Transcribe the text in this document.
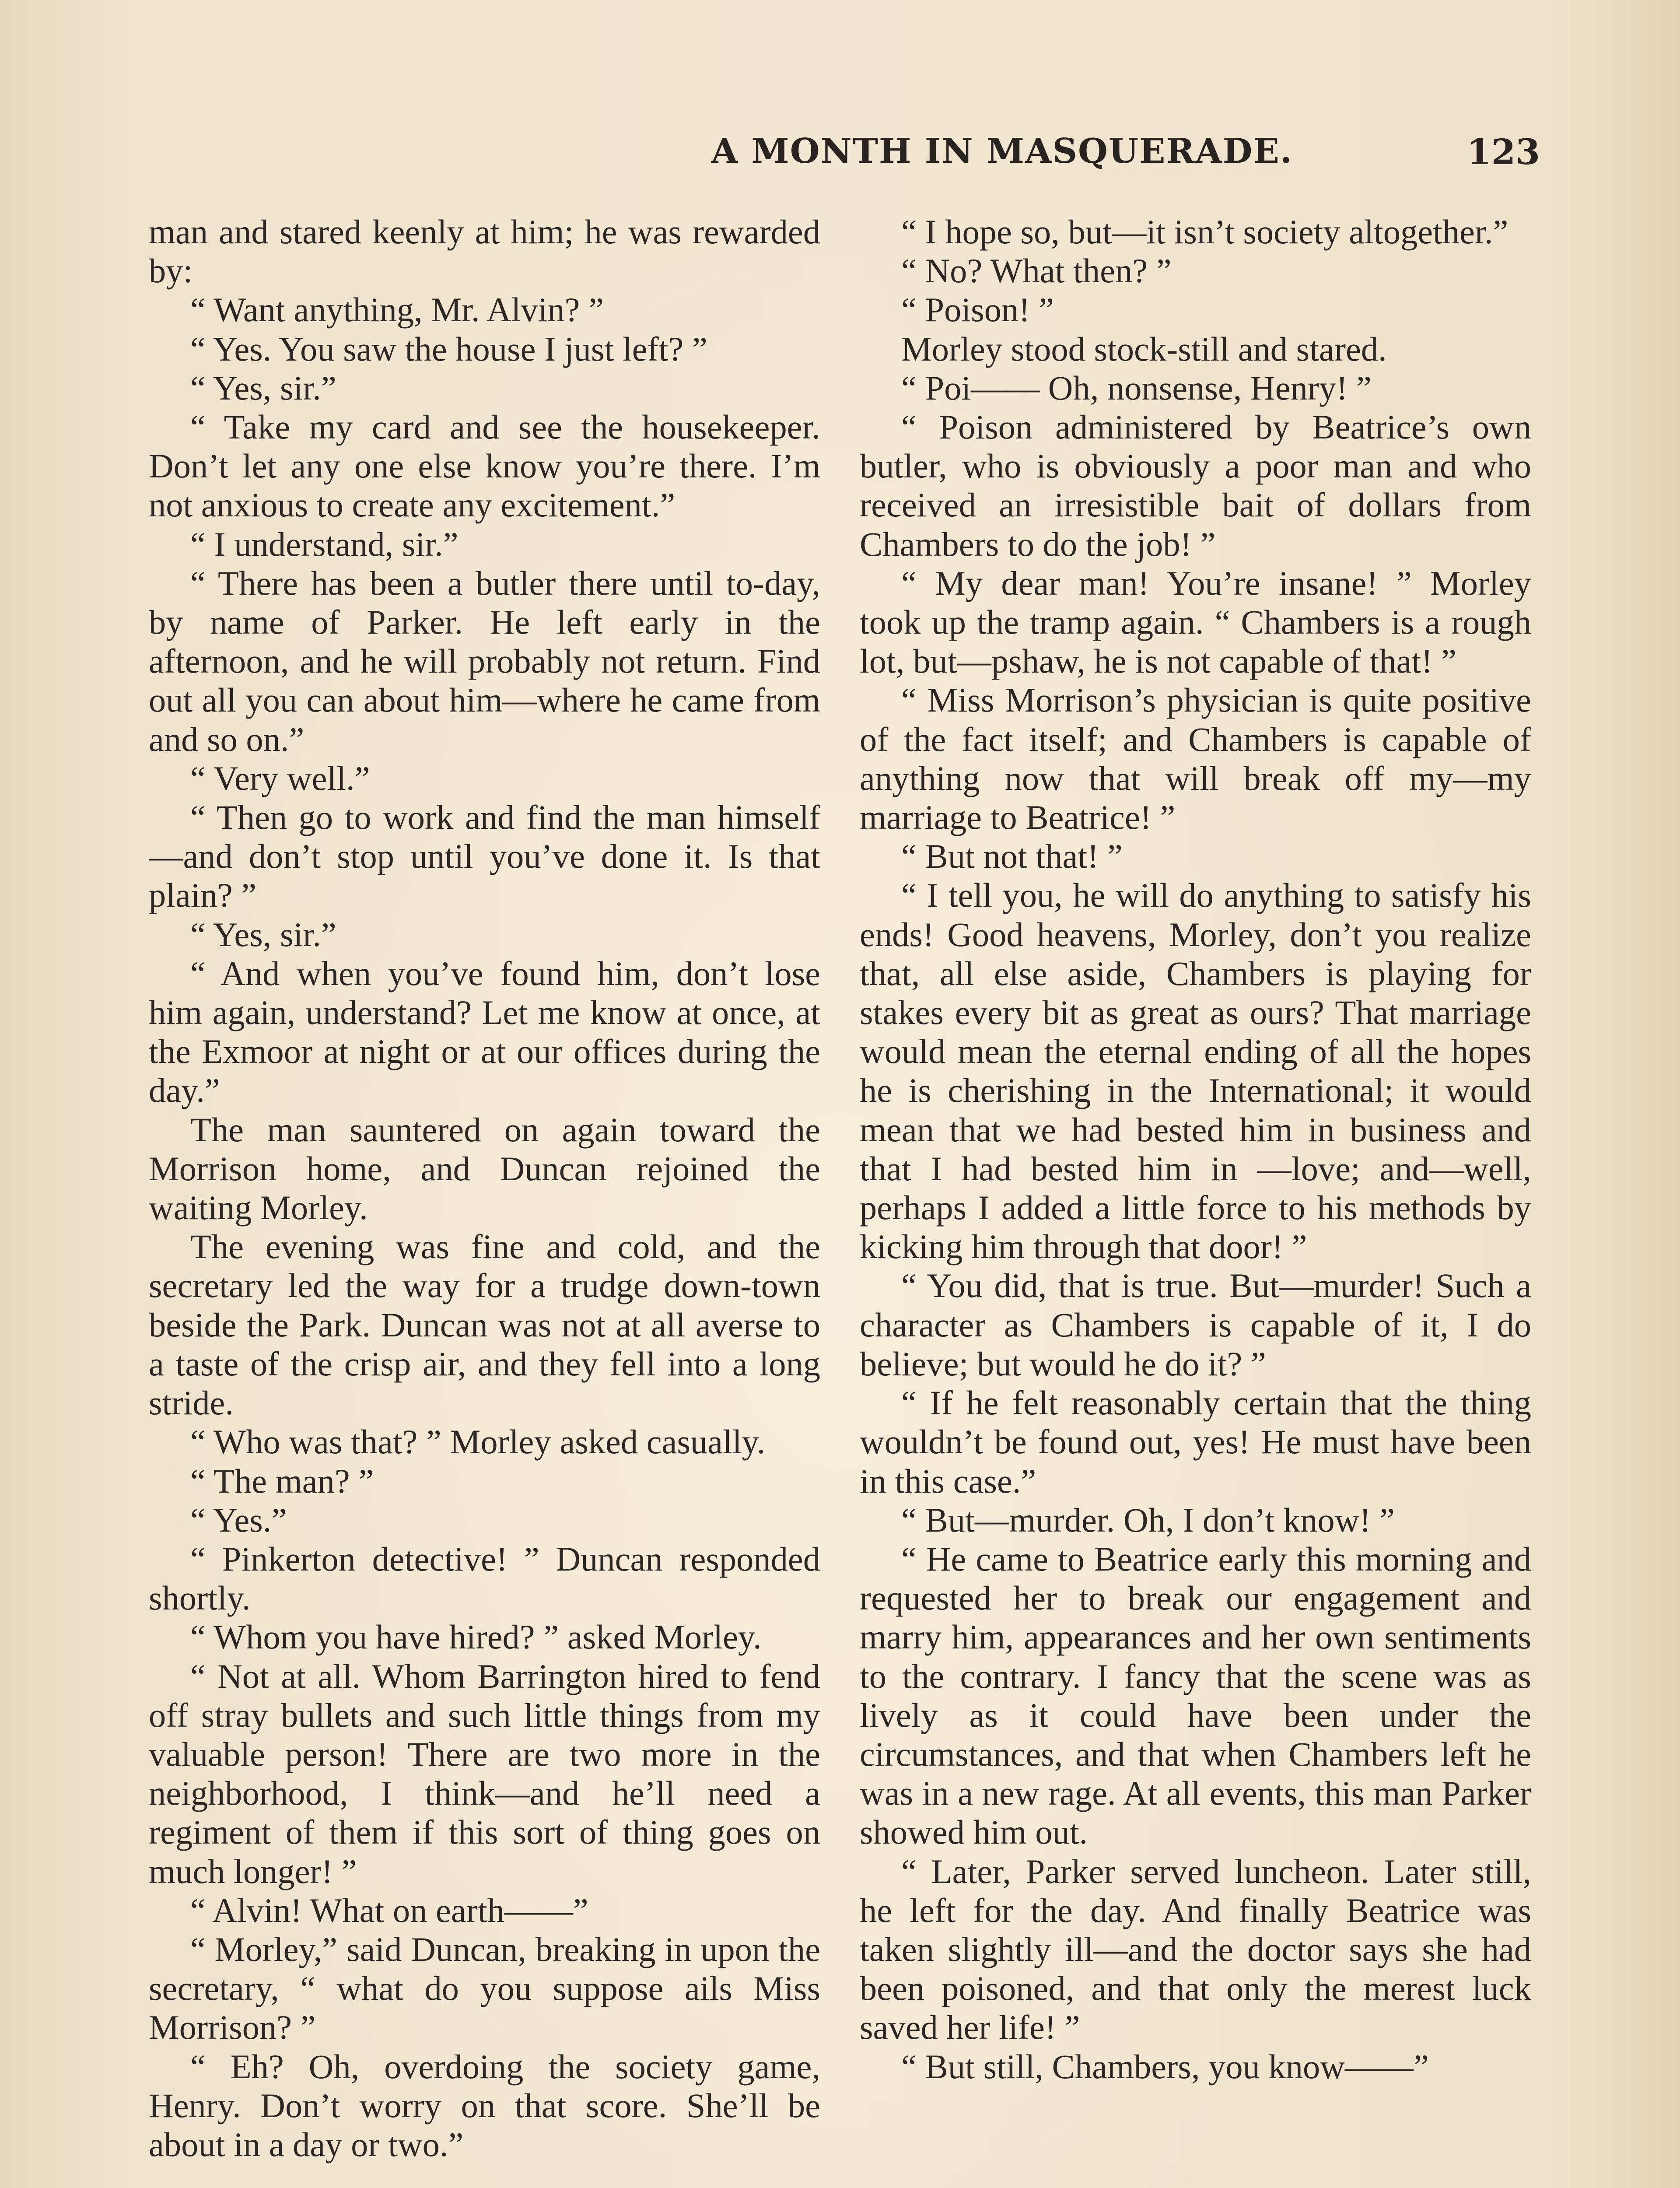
A MONTH IN MASQUERADE.	123

man and stared keenly at him; he was rewarded by:

“ Want anything, Mr. Alvin? ”

“ Yes. You saw the house I just left? ”

“ Yes, sir.”

“ Take my card and see the housekeeper. Don’t let any one else know you’re there. I’m not anxious to create any excitement.”

“ I understand, sir.”

“ There has been a butler there until to-day, by name of Parker. He left early in the afternoon, and he will probably not return. Find out all you can about him—where he came from and so on.”

“ Very well.”

“ Then go to work and find the man himself—and don’t stop until you’ve done it. Is that plain? ”

“ Yes, sir.”

“ And when you’ve found him, don’t lose him again, understand? Let me know at once, at the Exmoor at night or at our offices during the day.”

The man sauntered on again toward the Morrison home, and Duncan rejoined the waiting Morley.

The evening was fine and cold, and the secretary led the way for a trudge down-town beside the Park. Duncan was not at all averse to a taste of the crisp air, and they fell into a long stride.

“ Who was that? ” Morley asked casually.

“ The man? ”

“ Yes.”

“ Pinkerton detective! ” Duncan responded shortly.

“ Whom you have hired? ” asked Morley.

“ Not at all. Whom Barrington hired to fend off stray bullets and such little things from my valuable person! There are two more in the neighborhood, I think—and he’ll need a regiment of them if this sort of thing goes on much longer! ”

“ Alvin! What on earth——”

“ Morley,” said Duncan, breaking in upon the secretary, “ what do you suppose ails Miss Morrison? ”

“ Eh? Oh, overdoing the society game, Henry. Don’t worry on that score. She’ll be about in a day or two.”

“ I hope so, but—it isn’t society altogether.”

“ No? What then? ”

“ Poison! ”

Morley stood stock-still and stared.

“ Poi—— Oh, nonsense, Henry! ”

“ Poison administered by Beatrice’s own butler, who is obviously a poor man and who received an irresistible bait of dollars from Chambers to do the job! ”

“ My dear man! You’re insane! ” Morley took up the tramp again. “ Chambers is a rough lot, but—pshaw, he is not capable of that! ”

“ Miss Morrison’s physician is quite positive of the fact itself; and Chambers is capable of anything now that will break off my—my marriage to Beatrice! ”

“ But not that! ”

“ I tell you, he will do anything to satisfy his ends! Good heavens, Morley, don’t you realize that, all else aside, Chambers is playing for stakes every bit as great as ours? That marriage would mean the eternal ending of all the hopes he is cherishing in the International; it would mean that we had bested him in business and that I had bested him in —love; and—well, perhaps I added a little force to his methods by kicking him through that door! ”

“ You did, that is true. But—murder! Such a character as Chambers is capable of it, I do believe; but would he do it? ”

“ If he felt reasonably certain that the thing wouldn’t be found out, yes! He must have been in this case.”

“ But—murder. Oh, I don’t know! ”

“ He came to Beatrice early this morning and requested her to break our engagement and marry him, appearances and her own sentiments to the contrary. I fancy that the scene was as lively as it could have been under the circumstances, and that when Chambers left he was in a new rage. At all events, this man Parker showed him out.

“ Later, Parker served luncheon. Later still, he left for the day. And finally Beatrice was taken slightly ill—and the doctor says she had been poisoned, and that only the merest luck saved her life! ”

“ But still, Chambers, you know——”
